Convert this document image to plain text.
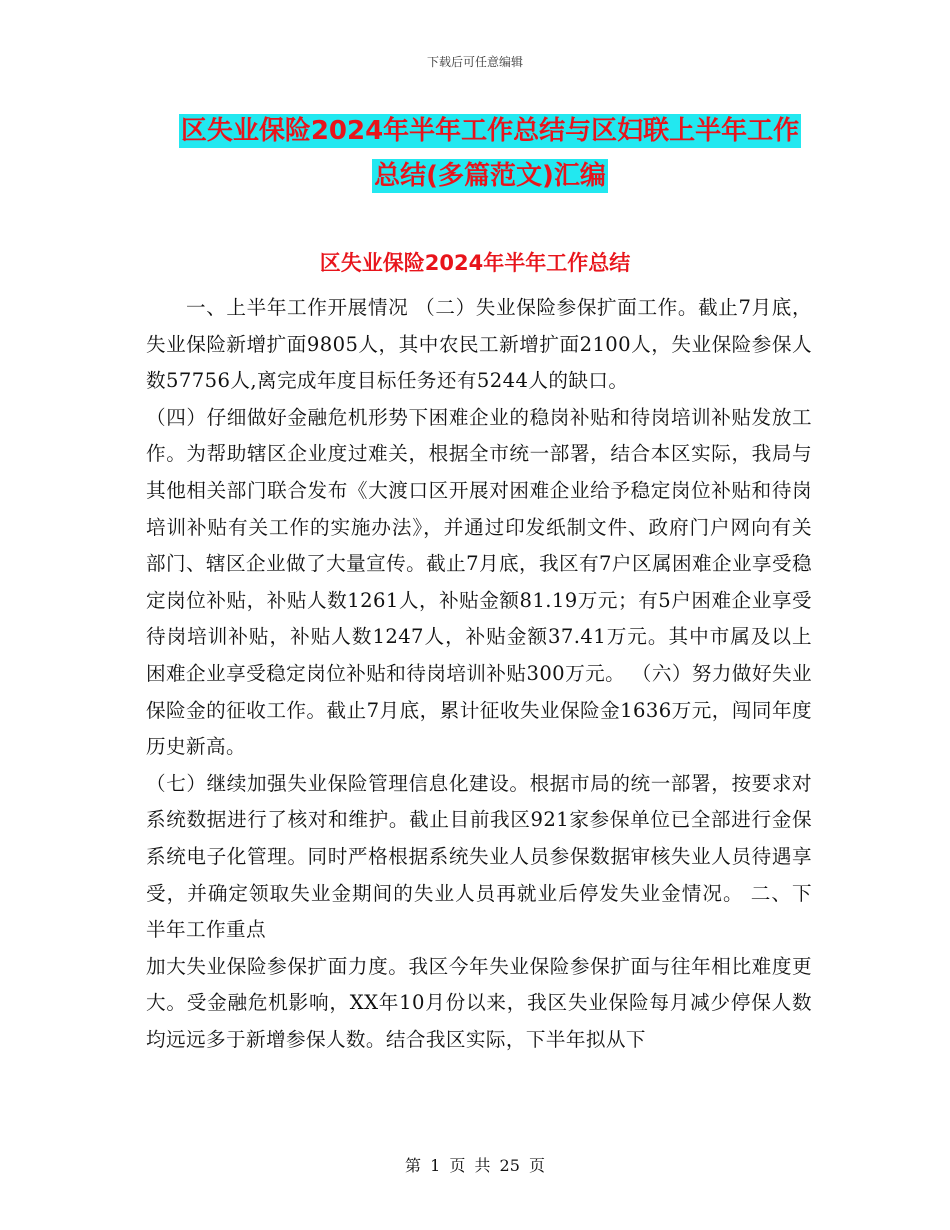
下载后可任意编辑
区失业保险2024年半年工作总结与区妇联上半年工作
总结(多篇范文)汇编
区失业保险2024年半年工作总结

一、上半年工作开展情况 （二）失业保险参保扩面工作。截止7月底，失业保险新增扩面9805人，其中农民工新增扩面2100人，失业保险参保人数57756人,离完成年度目标任务还有5244人的缺口。

（四）仔细做好金融危机形势下困难企业的稳岗补贴和待岗培训补贴发放工作。为帮助辖区企业度过难关，根据全市统一部署，结合本区实际，我局与其他相关部门联合发布《大渡口区开展对困难企业给予稳定岗位补贴和待岗培训补贴有关工作的实施办法》，并通过印发纸制文件、政府门户网向有关部门、辖区企业做了大量宣传。截止7月底，我区有7户区属困难企业享受稳定岗位补贴，补贴人数1261人，补贴金额81.19万元；有5户困难企业享受待岗培训补贴，补贴人数1247人，补贴金额37.41万元。其中市属及以上困难企业享受稳定岗位补贴和待岗培训补贴300万元。 （六）努力做好失业保险金的征收工作。截止7月底，累计征收失业保险金1636万元，闯同年度历史新高。

（七）继续加强失业保险管理信息化建设。根据市局的统一部署，按要求对系统数据进行了核对和维护。截止目前我区921家参保单位已全部进行金保系统电子化管理。同时严格根据系统失业人员参保数据审核失业人员待遇享受，并确定领取失业金期间的失业人员再就业后停发失业金情况。 二、下半年工作重点

加大失业保险参保扩面力度。我区今年失业保险参保扩面与往年相比难度更大。受金融危机影响，XX年10月份以来，我区失业保险每月减少停保人数均远远多于新增参保人数。结合我区实际，下半年拟从下

第 1 页 共 25 页
